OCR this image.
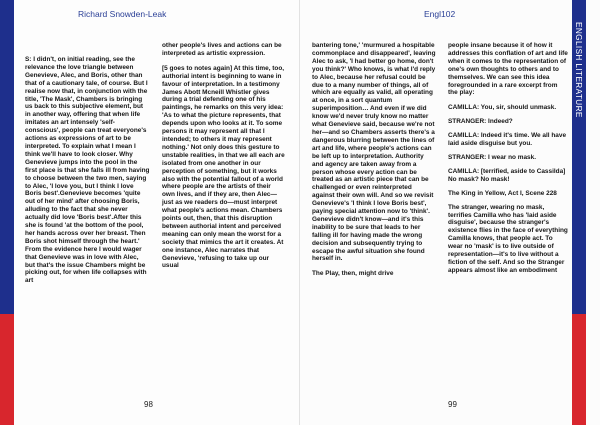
Richard Snowden-Leak

S: I didn't, on initial reading, see the relevance the love triangle between Genevieve, Alec, and Boris, other than that of a cautionary tale, of course. But I realise now that, in conjunction with the title, 'The Mask', Chambers is bringing us back to this subjective element, but in another way, offering that when life imitates an art intensely 'self-conscious', people can treat everyone's actions as expressions of art to be interpreted. To explain what I mean I think we'll have to look closer. Why Genevieve jumps into the pool in the first place is that she falls ill from having to choose between the two men, saying to Alec, 'I love you, but I think I love Boris best'.Genevieve becomes 'quite out of her mind' after choosing Boris, alluding to the fact that she never actually did love 'Boris best'.After this she is found 'at the bottom of the pool, her hands across over her breast. Then Boris shot himself through the heart.' From the evidence here I would wager that Genevieve was in love with Alec, but that's the issue Chambers might be picking out, for when life collapses with art

other people's lives and actions can be interpreted as artistic expression.

[5 goes to notes again] At this time, too, authorial intent is beginning to wane in favour of interpretation. In a testimony James Abott Mcneill Whistler gives during a trial defending one of his paintings, he remarks on this very idea: 'As to what the picture represents, that depends upon who looks at it. To some persons it may represent all that I intended; to others it may represent nothing.' Not only does this gesture to unstable realities, in that we all each are isolated from one another in our perception of something, but it works also with the potential fallout of a world where people are the artists of their own lives, and if they are, then Alec—just as we readers do—must interpret what people's actions mean. Chambers points out, then, that this disruption between authorial intent and perceived meaning can only mean the worst for a society that mimics the art it creates. At one instance, Alec narrates that Genevieve, 'refusing to take up our usual

98
Engl102

bantering tone,' 'murmured a hospitable commonplace and disappeared', leaving Alec to ask, 'I had better go home, don't you think?' Who knows, is what I'd reply to Alec, because her refusal could be due to a many number of things, all of which are equally as valid, all operating at once, in a sort quantum superimposition… And even if we did know we'd never truly know no matter what Genevieve said, because we're not her—and so Chambers asserts there's a dangerous blurring between the lines of art and life, where people's actions can be left up to interpretation. Authority and agency are taken away from a person whose every action can be treated as an artistic piece that can be challenged or even reinterpreted against their own will. And so we revisit Genevieve's 'I think I love Boris best', paying special attention now to 'think'. Genevieve didn't know—and it's this inability to be sure that leads to her falling ill for having made the wrong decision and subsequently trying to escape the awful situation she found herself in.

The Play, then, might drive

people insane because it of how it addresses this conflation of art and life when it comes to the representation of one's own thoughts to others and to themselves. We can see this idea foregrounded in a rare excerpt from the play:

CAMILLA: You, sir, should unmask.

STRANGER: Indeed?

CAMILLA: Indeed it's time. We all have laid aside disguise but you.

STRANGER: I wear no mask.

CAMILLA: [terrified, aside to Cassilda] No mask? No mask!

The King in Yellow, Act I, Scene 228

The stranger, wearing no mask, terrifies Camilla who has 'laid aside disguise', because the stranger's existence flies in the face of everything Camilla knows, that people act. To wear no 'mask' is to live outside of representation—it's to live without a fiction of the self. And so the Stranger appears almost like an embodiment

99
ENGLISH LITERATURE
